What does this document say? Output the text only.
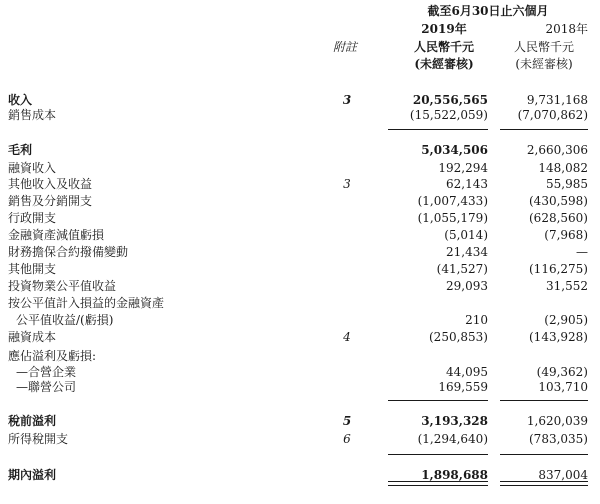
截至6月30日止六個月
2019年	2018年
附註	人民幣千元	人民幣千元
(未經審核)	(未經審核)
收入	3	20,556,565	9,731,168
銷售成本	(15,522,059)	(7,070,862)
毛利	5,034,506	2,660,306
融資收入	192,294	148,082
其他收入及收益	3	62,143	55,985
銷售及分銷開支	(1,007,433)	(430,598)
行政開支	(1,055,179)	(628,560)
金融資產減值虧損	(5,014)	(7,968)
財務擔保合約撥備變動	21,434	—
其他開支	(41,527)	(116,275)
投資物業公平值收益	29,093	31,552
按公平值計入損益的金融資產
公平值收益/(虧損)	210	(2,905)
融資成本	4	(250,853)	(143,928)
應佔溢利及虧損:
—合營企業	44,095	(49,362)
—聯營公司	169,559	103,710
稅前溢利	5	3,193,328	1,620,039
所得稅開支	6	(1,294,640)	(783,035)
期內溢利	1,898,688	837,004
